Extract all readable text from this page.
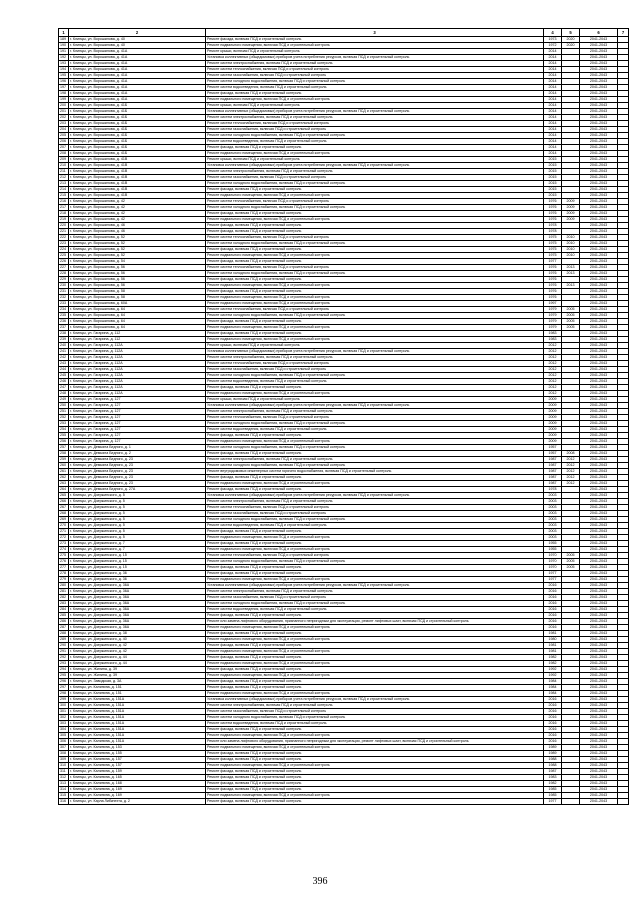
1	2	3	4	5	6	7
189	г. Клинцы, ул. Ворошилова, д. 40	Ремонт фасада, включая ПСД и строительный контроль	1973	2020	2041-2043	
190	г. Клинцы, ул. Ворошилова, д. 40	Ремонт подвального помещения, включая ПСД и строительный контроль	1972	2020	2041-2043	
191	г. Клинцы, ул. Ворошилова, д. 41А	Ремонт крыши, включая ПСД и строительный контроль	2014		2041-2043	
192	г. Клинцы, ул. Ворошилова, д. 41А	Установка коллективных (общедомовых) приборов учета потребления ресурсов, включая ПСД и строительный контроль	2014		2041-2043	
193	г. Клинцы, ул. Ворошилова, д. 41А	Ремонт систем электроснабжения, включая ПСД и строительный контроль	2014		2041-2043	
194	г. Клинцы, ул. Ворошилова, д. 41А	Ремонт систем теплоснабжения, включая ПСД и строительный контроль	2014		2041-2043	
195	г. Клинцы, ул. Ворошилова, д. 41А	Ремонт систем газоснабжения, включая ПСД и строительный контроль	2014		2041-2043	
196	г. Клинцы, ул. Ворошилова, д. 41А	Ремонт систем холодного водоснабжения, включая ПСД и строительный контроль	2014		2041-2043	
197	г. Клинцы, ул. Ворошилова, д. 41А	Ремонт систем водоотведения, включая ПСД и строительный контроль	2014		2041-2043	
198	г. Клинцы, ул. Ворошилова, д. 41А	Ремонт фасада, включая ПСД и строительный контроль	2014		2041-2043	
199	г. Клинцы, ул. Ворошилова, д. 41А	Ремонт подвального помещения, включая ПСД и строительный контроль	2014		2041-2043	
200	г. Клинцы, ул. Ворошилова, д. 41Б	Ремонт крыши, включая ПСД и строительный контроль	2014		2041-2043	
201	г. Клинцы, ул. Ворошилова, д. 41Б	Установка коллективных (общедомовых) приборов учета потребления ресурсов, включая ПСД и строительный контроль	2014		2041-2043	
202	г. Клинцы, ул. Ворошилова, д. 41Б	Ремонт систем электроснабжения, включая ПСД и строительный контроль	2014		2041-2043	
203	г. Клинцы, ул. Ворошилова, д. 41Б	Ремонт систем теплоснабжения, включая ПСД и строительный контроль	2014		2041-2043	
204	г. Клинцы, ул. Ворошилова, д. 41Б	Ремонт систем газоснабжения, включая ПСД и строительный контроль	2014		2041-2043	
205	г. Клинцы, ул. Ворошилова, д. 41Б	Ремонт систем холодного водоснабжения, включая ПСД и строительный контроль	2014		2041-2043	
206	г. Клинцы, ул. Ворошилова, д. 41Б	Ремонт систем водоотведения, включая ПСД и строительный контроль	2014		2041-2043	
207	г. Клинцы, ул. Ворошилова, д. 41Б	Ремонт фасада, включая ПСД и строительный контроль	2014		2041-2043	
208	г. Клинцы, ул. Ворошилова, д. 41Б	Ремонт подвального помещения, включая ПСД и строительный контроль	2014		2041-2043	
209	г. Клинцы, ул. Ворошилова, д. 41В	Ремонт крыши, включая ПСД и строительный контроль	2015		2041-2043	
210	г. Клинцы, ул. Ворошилова, д. 41В	Установка коллективных (общедомовых) приборов учета потребления ресурсов, включая ПСД и строительный контроль	2015		2041-2043	
211	г. Клинцы, ул. Ворошилова, д. 41В	Ремонт систем электроснабжения, включая ПСД и строительный контроль	2015		2041-2043	
212	г. Клинцы, ул. Ворошилова, д. 41В	Ремонт систем газоснабжения, включая ПСД и строительный контроль	2015		2041-2043	
213	г. Клинцы, ул. Ворошилова, д. 41В	Ремонт систем холодного водоснабжения, включая ПСД и строительный контроль	2015		2041-2043	
214	г. Клинцы, ул. Ворошилова, д. 41В	Ремонт фасада, включая ПСД и строительный контроль	2015		2041-2043	
215	г. Клинцы, ул. Ворошилова, д. 41В	Ремонт подвального помещения, включая ПСД и строительный контроль	2015		2041-2043	
216	г. Клинцы, ул. Ворошилова, д. 42	Ремонт систем теплоснабжения, включая ПСД и строительный контроль	1976	2009	2041-2043	
217	г. Клинцы, ул. Ворошилова, д. 42	Ремонт систем холодного водоснабжения, включая ПСД и строительный контроль	1976	2009	2041-2043	
218	г. Клинцы, ул. Ворошилова, д. 42	Ремонт фасада, включая ПСД и строительный контроль	1976	2009	2041-2043	
219	г. Клинцы, ул. Ворошилова, д. 42	Ремонт подвального помещения, включая ПСД и строительный контроль	1976	2009	2041-2043	
220	г. Клинцы, ул. Ворошилова, д. 46	Ремонт фасада, включая ПСД и строительный контроль	1978		2041-2043	
221	г. Клинцы, ул. Ворошилова, д. 46	Ремонт фасада, включая ПСД и строительный контроль	1978		2041-2043	
222	г. Клинцы, ул. Ворошилова, д. 52	Ремонт систем теплоснабжения, включая ПСД и строительный контроль	1975	2010	2041-2043	
223	г. Клинцы, ул. Ворошилова, д. 52	Ремонт систем холодного водоснабжения, включая ПСД и строительный контроль	1975	2010	2041-2043	
224	г. Клинцы, ул. Ворошилова, д. 52	Ремонт фасада, включая ПСД и строительный контроль	1975	2010	2041-2043	
225	г. Клинцы, ул. Ворошилова, д. 52	Ремонт подвального помещения, включая ПСД и строительный контроль	1975	2010	2041-2043	
226	г. Клинцы, ул. Ворошилова, д. 54	Ремонт фасада, включая ПСД и строительный контроль	1977		2041-2043	
227	г. Клинцы, ул. Ворошилова, д. 56	Ремонт систем теплоснабжения, включая ПСД и строительный контроль	1976	2013	2041-2043	
228	г. Клинцы, ул. Ворошилова, д. 56	Ремонт систем холодного водоснабжения, включая ПСД и строительный контроль	1976	2013	2041-2043	
229	г. Клинцы, ул. Ворошилова, д. 56	Ремонт фасада, включая ПСД и строительный контроль	1976		2041-2043	
230	г. Клинцы, ул. Ворошилова, д. 56	Ремонт подвального помещения, включая ПСД и строительный контроль	1976	2013	2041-2043	
231	г. Клинцы, ул. Ворошилова, д. 58	Ремонт фасада, включая ПСД и строительный контроль	1976		2041-2043	
232	г. Клинцы, ул. Ворошилова, д. 58	Ремонт подвального помещения, включая ПСД и строительный контроль	1976		2041-2043	
233	г. Клинцы, ул. Ворошилова, д. 60А	Ремонт подвального помещения, включая ПСД и строительный контроль	1997		2041-2043	
234	г. Клинцы, ул. Ворошилова, д. 64	Ремонт систем теплоснабжения, включая ПСД и строительный контроль	1979	2005	2041-2043	
235	г. Клинцы, ул. Ворошилова, д. 64	Ремонт систем холодного водоснабжения, включая ПСД и строительный контроль	1979	2005	2041-2043	
236	г. Клинцы, ул. Ворошилова, д. 64	Ремонт фасада, включая ПСД и строительный контроль	1979	2005	2041-2043	
237	г. Клинцы, ул. Ворошилова, д. 64	Ремонт подвального помещения, включая ПСД и строительный контроль	1979	2005	2041-2043	
238	г. Клинцы, ул. Гагарина, д. 112	Ремонт фасада, включая ПСД и строительный контроль	1983		2041-2043	
239	г. Клинцы, ул. Гагарина, д. 112	Ремонт подвального помещения, включая ПСД и строительный контроль	1983		2041-2043	
240	г. Клинцы, ул. Гагарина, д. 112А	Ремонт крыши, включая ПСД и строительный контроль	2012		2041-2043	
241	г. Клинцы, ул. Гагарина, д. 112А	Установка коллективных (общедомовых) приборов учета потребления ресурсов, включая ПСД и строительный контроль	2012		2041-2043	
242	г. Клинцы, ул. Гагарина, д. 112А	Ремонт систем электроснабжения, включая ПСД и строительный контроль	2012		2041-2043	
243	г. Клинцы, ул. Гагарина, д. 112А	Ремонт систем теплоснабжения, включая ПСД и строительный контроль	2012		2041-2043	
244	г. Клинцы, ул. Гагарина, д. 112А	Ремонт систем газоснабжения, включая ПСД и строительный контроль	2012		2041-2043	
245	г. Клинцы, ул. Гагарина, д. 112А	Ремонт систем холодного водоснабжения, включая ПСД и строительный контроль	2012		2041-2043	
246	г. Клинцы, ул. Гагарина, д. 112А	Ремонт систем водоотведения, включая ПСД и строительный контроль	2012		2041-2043	
247	г. Клинцы, ул. Гагарина, д. 112А	Ремонт фасада, включая ПСД и строительный контроль	2012		2041-2043	
248	г. Клинцы, ул. Гагарина, д. 112А	Ремонт подвального помещения, включая ПСД и строительный контроль	2012		2041-2043	
249	г. Клинцы, ул. Гагарина, д. 127	Ремонт крыши, включая ПСД и строительный контроль	2009		2041-2043	
250	г. Клинцы, ул. Гагарина, д. 127	Установка коллективных (общедомовых) приборов учета потребления ресурсов, включая ПСД и строительный контроль	2009		2041-2043	
251	г. Клинцы, ул. Гагарина, д. 127	Ремонт систем электроснабжения, включая ПСД и строительный контроль	2009		2041-2043	
252	г. Клинцы, ул. Гагарина, д. 127	Ремонт систем теплоснабжения, включая ПСД и строительный контроль	2009		2041-2043	
253	г. Клинцы, ул. Гагарина, д. 127	Ремонт систем холодного водоснабжения, включая ПСД и строительный контроль	2009		2041-2043	
254	г. Клинцы, ул. Гагарина, д. 127	Ремонт систем водоотведения, включая ПСД и строительный контроль	2009		2041-2043	
255	г. Клинцы, ул. Гагарина, д. 127	Ремонт фасада, включая ПСД и строительный контроль	2009		2041-2043	
256	г. Клинцы, ул. Гагарина, д. 127	Ремонт подвального помещения, включая ПСД и строительный контроль	2009		2041-2043	
257	г. Клинцы, ул. Демьяна Бедного, д. 1	Ремонт систем холодного водоснабжения, включая ПСД и строительный контроль	1957		2041-2043	
258	г. Клинцы, ул. Демьяна Бедного, д. 2	Ремонт фасада, включая ПСД и строительный контроль	1957	2008	2041-2043	
259	г. Клинцы, ул. Демьяна Бедного, д. 23	Ремонт систем электроснабжения, включая ПСД и строительный контроль	1987	2012	2041-2043	
260	г. Клинцы, ул. Демьяна Бедного, д. 23	Ремонт систем холодного водоснабжения, включая ПСД и строительный контроль	1987	2012	2041-2043	
261	г. Клинцы, ул. Демьяна Бедного, д. 23	Ремонт внутридомовых инженерных систем горячего водоснабжения, включая ПСД и строительный контроль	1987	2012	2041-2043	
262	г. Клинцы, ул. Демьяна Бедного, д. 23	Ремонт фасада, включая ПСД и строительный контроль	1987	2012	2041-2043	
263	г. Клинцы, ул. Демьяна Бедного, д. 23	Ремонт подвального помещения, включая ПСД и строительный контроль	1987	2012	2041-2043	
264	г. Клинцы, ул. Демьяна Бедного, д. 27А	Ремонт фасада, включая ПСД и строительный контроль	1978		2041-2043	
265	г. Клинцы, ул. Дзержинского, д. 5	Установка коллективных (общедомовых) приборов учета потребления ресурсов, включая ПСД и строительный контроль	2003		2041-2043	
266	г. Клинцы, ул. Дзержинского, д. 5	Ремонт систем электроснабжения, включая ПСД и строительный контроль	2003		2041-2043	
267	г. Клинцы, ул. Дзержинского, д. 5	Ремонт систем теплоснабжения, включая ПСД и строительный контроль	2003		2041-2043	
268	г. Клинцы, ул. Дзержинского, д. 5	Ремонт систем газоснабжения, включая ПСД и строительный контроль	2003		2041-2043	
269	г. Клинцы, ул. Дзержинского, д. 5	Ремонт систем холодного водоснабжения, включая ПСД и строительный контроль	2003		2041-2043	
270	г. Клинцы, ул. Дзержинского, д. 5	Ремонт систем водоотведения, включая ПСД и строительный контроль	2003		2041-2043	
271	г. Клинцы, ул. Дзержинского, д. 5	Ремонт фасада, включая ПСД и строительный контроль	2003		2041-2043	
272	г. Клинцы, ул. Дзержинского, д. 5	Ремонт подвального помещения, включая ПСД и строительный контроль	2003		2041-2043	
273	г. Клинцы, ул. Дзержинского, д. 7	Ремонт фасада, включая ПСД и строительный контроль	1955		2041-2043	
274	г. Клинцы, ул. Дзержинского, д. 7	Ремонт подвального помещения, включая ПСД и строительный контроль	1955		2041-2043	
275	г. Клинцы, ул. Дзержинского, д. 15	Ремонт систем теплоснабжения, включая ПСД и строительный контроль	1970	2005	2041-2043	
276	г. Клинцы, ул. Дзержинского, д. 15	Ремонт систем холодного водоснабжения, включая ПСД и строительный контроль	1970	2005	2041-2043	
277	г. Клинцы, ул. Дзержинского, д. 15	Ремонт фасада, включая ПСД и строительный контроль	1970	2005	2041-2043	
278	г. Клинцы, ул. Дзержинского, д. 36	Ремонт фасада, включая ПСД и строительный контроль	1977		2041-2043	
279	г. Клинцы, ул. Дзержинского, д. 36	Ремонт подвального помещения, включая ПСД и строительный контроль	1977		2041-2043	
280	г. Клинцы, ул. Дзержинского, д. 36А	Установка коллективных (общедомовых) приборов учета потребления ресурсов, включая ПСД и строительный контроль	2016		2041-2043	
281	г. Клинцы, ул. Дзержинского, д. 36А	Ремонт систем электроснабжения, включая ПСД и строительный контроль	2016		2041-2043	
282	г. Клинцы, ул. Дзержинского, д. 36А	Ремонт систем газоснабжения, включая ПСД и строительный контроль	2016		2041-2043	
283	г. Клинцы, ул. Дзержинского, д. 36А	Ремонт систем холодного водоснабжения, включая ПСД и строительный контроль	2016		2041-2043	
284	г. Клинцы, ул. Дзержинского, д. 36А	Ремонт систем водоотведения, включая ПСД и строительный контроль	2016		2041-2043	
285	г. Клинцы, ул. Дзержинского, д. 36А	Ремонт фасада, включая ПСД и строительный контроль	2016		2041-2043	
286	г. Клинцы, ул. Дзержинского, д. 36А	Ремонт или замена лифтового оборудования, признанного непригодным для эксплуатации, ремонт лифтовых шахт, включая ПСД и строительный контроль	2016		2041-2043	
287	г. Клинцы, ул. Дзержинского, д. 36А	Ремонт подвального помещения, включая ПСД и строительный контроль	2016		2041-2043	
288	г. Клинцы, ул. Дзержинского, д. 38	Ремонт фасада, включая ПСД и строительный контроль	1981		2041-2043	
289	г. Клинцы, ул. Дзержинского, д. 40	Ремонт подвального помещения, включая ПСД и строительный контроль	1980		2041-2043	
290	г. Клинцы, ул. Дзержинского, д. 42	Ремонт фасада, включая ПСД и строительный контроль	1981		2041-2043	
291	г. Клинцы, ул. Дзержинского, д. 42	Ремонт подвального помещения, включая ПСД и строительный контроль	1981		2041-2043	
292	г. Клинцы, ул. Дзержинского, д. 44	Ремонт фасада, включая ПСД и строительный контроль	1982		2041-2043	
293	г. Клинцы, ул. Дзержинского, д. 44	Ремонт подвального помещения, включая ПСД и строительный контроль	1982		2041-2043	
294	г. Клинцы, ул. Жилина, д. 39	Ремонт фасада, включая ПСД и строительный контроль	1992		2041-2043	
295	г. Клинцы, ул. Жилина, д. 39	Ремонт подвального помещения, включая ПСД и строительный контроль	1992		2041-2043	
296	г. Клинцы, ул. Заводская, д. 3А	Ремонт фасада, включая ПСД и строительный контроль	1984		2041-2043	
297	г. Клинцы, ул. Калинина, д. 151	Ремонт фасада, включая ПСД и строительный контроль	1984		2041-2043	
298	г. Клинцы, ул. Калинина, д. 151	Ремонт подвального помещения, включая ПСД и строительный контроль	1984		2041-2043	
299	г. Клинцы, ул. Калинина, д. 151А	Установка коллективных (общедомовых) приборов учета потребления ресурсов, включая ПСД и строительный контроль	2016		2041-2043	
300	г. Клинцы, ул. Калинина, д. 151А	Ремонт систем электроснабжения, включая ПСД и строительный контроль	2016		2041-2043	
301	г. Клинцы, ул. Калинина, д. 151А	Ремонт систем газоснабжения, включая ПСД и строительный контроль	2016		2041-2043	
302	г. Клинцы, ул. Калинина, д. 151А	Ремонт систем холодного водоснабжения, включая ПСД и строительный контроль	2016		2041-2043	
303	г. Клинцы, ул. Калинина, д. 151А	Ремонт систем водоотведения, включая ПСД и строительный контроль	2016		2041-2043	
304	г. Клинцы, ул. Калинина, д. 151А	Ремонт фасада, включая ПСД и строительный контроль	2016		2041-2043	
305	г. Клинцы, ул. Калинина, д. 151А	Ремонт подвального помещения, включая ПСД и строительный контроль	2016		2041-2043	
306	г. Клинцы, ул. Калинина, д. 151А	Ремонт или замена лифтового оборудования, признанного непригодным для эксплуатации, ремонт лифтовых шахт, включая ПСД и строительный контроль	2016		2041-2043	
307	г. Клинцы, ул. Калинина, д. 153	Ремонт подвального помещения, включая ПСД и строительный контроль	1989		2041-2043	
308	г. Клинцы, ул. Калинина, д. 155	Ремонт фасада, включая ПСД и строительный контроль	1989		2041-2043	
309	г. Клинцы, ул. Калинина, д. 157	Ремонт фасада, включая ПСД и строительный контроль	1988		2041-2043	
310	г. Клинцы, ул. Калинина, д. 157	Ремонт подвального помещения, включая ПСД и строительный контроль	1988		2041-2043	
311	г. Клинцы, ул. Калинина, д. 159	Ремонт фасада, включая ПСД и строительный контроль	1987		2041-2043	
312	г. Клинцы, ул. Калинина, д. 165	Ремонт фасада, включая ПСД и строительный контроль	1983		2041-2043	
313	г. Клинцы, ул. Калинина, д. 168	Ремонт фасада, включая ПСД и строительный контроль	1982		2041-2043	
314	г. Клинцы, ул. Калинина, д. 169	Ремонт фасада, включая ПСД и строительный контроль	1985		2041-2043	
315	г. Клинцы, ул. Калинина, д. 169	Ремонт подвального помещения, включая ПСД и строительный контроль	1985		2041-2043	
316	г. Клинцы, ул. Карла Либкнехта, д. 2	Ремонт фасада, включая ПСД и строительный контроль	1977		2041-2043	
396
